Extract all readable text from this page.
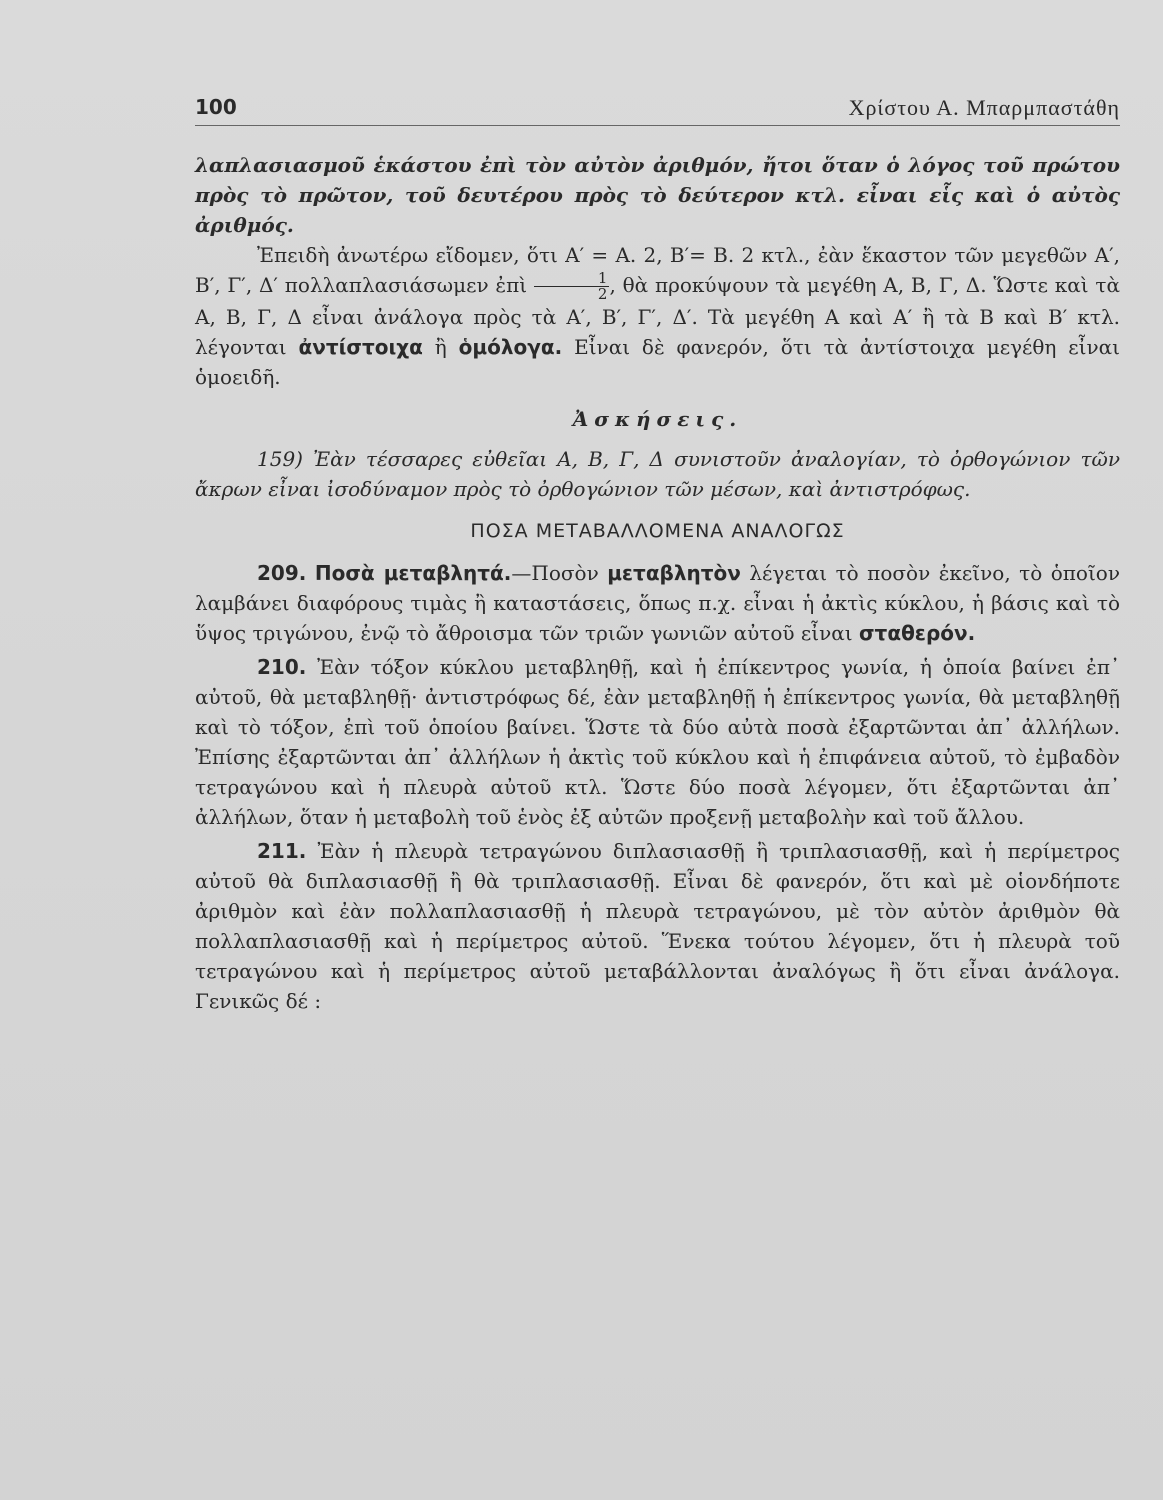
100	Χρίστου Α. Μπαρμπαστάθη

λαπλασιασμοῦ ἑκάστου ἐπὶ τὸν αὐτὸν ἀριθμόν, ἤτοι ὅταν ὁ λόγος τοῦ πρώτου πρὸς τὸ πρῶτον, τοῦ δευτέρου πρὸς τὸ δεύτερον κτλ. εἶναι εἷς καὶ ὁ αὐτὸς ἀριθμός.

Ἐπειδὴ ἀνωτέρω εἴδομεν, ὅτι Α′ = Α. 2, Β′= Β. 2 κτλ., ἐὰν ἕκαστον τῶν μεγεθῶν Α′, Β′, Γ′, Δ′ πολλαπλασιάσωμεν ἐπὶ $\frac{1}{2}$ , θὰ προκύψουν τὰ μεγέθη Α, Β, Γ, Δ. Ὥστε καὶ τὰ Α, Β, Γ, Δ εἶναι ἀνάλογα πρὸς τὰ Α′, Β′, Γ′, Δ′. Τὰ μεγέθη Α καὶ Α′ ἢ τὰ Β καὶ Β′ κτλ. λέγονται ἀντίστοιχα ἢ ὁμόλογα. Εἶναι δὲ φανερόν, ὅτι τὰ ἀντίστοιχα μεγέθη εἶναι ὁμοειδῆ.

Ἀσκήσεις.

159) Ἐὰν τέσσαρες εὐθεῖαι Α, Β, Γ, Δ συνιστοῦν ἀναλογίαν, τὸ ὀρθογώνιον τῶν ἄκρων εἶναι ἰσοδύναμον πρὸς τὸ ὀρθογώνιον τῶν μέσων, καὶ ἀντιστρόφως.

ΠΟΣΑ ΜΕΤΑΒΑΛΛΟΜΕΝΑ ΑΝΑΛΟΓΩΣ

209. Ποσὰ μεταβλητά.—Ποσὸν μεταβλητὸν λέγεται τὸ ποσὸν ἐκεῖνο, τὸ ὁποῖον λαμβάνει διαφόρους τιμὰς ἢ καταστάσεις, ὅπως π.χ. εἶναι ἡ ἀκτὶς κύκλου, ἡ βάσις καὶ τὸ ὕψος τριγώνου, ἐνῷ τὸ ἄθροισμα τῶν τριῶν γωνιῶν αὐτοῦ εἶναι σταθερόν.

210. Ἐὰν τόξον κύκλου μεταβληθῇ, καὶ ἡ ἐπίκεντρος γωνία, ἡ ὁποία βαίνει ἐπ᾽ αὐτοῦ, θὰ μεταβληθῇ· ἀντιστρόφως δέ, ἐὰν μεταβληθῇ ἡ ἐπίκεντρος γωνία, θὰ μεταβληθῇ καὶ τὸ τόξον, ἐπὶ τοῦ ὁποίου βαίνει. Ὥστε τὰ δύο αὐτὰ ποσὰ ἐξαρτῶνται ἀπ᾽ ἀλλήλων. Ἐπίσης ἐξαρτῶνται ἀπ᾽ ἀλλήλων ἡ ἀκτὶς τοῦ κύκλου καὶ ἡ ἐπιφάνεια αὐτοῦ, τὸ ἐμβαδὸν τετραγώνου καὶ ἡ πλευρὰ αὐτοῦ κτλ. Ὥστε δύο ποσὰ λέγομεν, ὅτι ἐξαρτῶνται ἀπ᾽ ἀλλήλων, ὅταν ἡ μεταβολὴ τοῦ ἑνὸς ἐξ αὐτῶν προξενῇ μεταβολὴν καὶ τοῦ ἄλλου.

211. Ἐὰν ἡ πλευρὰ τετραγώνου διπλασιασθῇ ἢ τριπλασιασθῇ, καὶ ἡ περίμετρος αὐτοῦ θὰ διπλασιασθῇ ἢ θὰ τριπλασιασθῇ. Εἶναι δὲ φανερόν, ὅτι καὶ μὲ οἱονδήποτε ἀριθμὸν καὶ ἐὰν πολλαπλασιασθῇ ἡ πλευρὰ τετραγώνου, μὲ τὸν αὐτὸν ἀριθμὸν θὰ πολλαπλασιασθῇ καὶ ἡ περίμετρος αὐτοῦ. Ἕνεκα τούτου λέγομεν, ὅτι ἡ πλευρὰ τοῦ τετραγώνου καὶ ἡ περίμετρος αὐτοῦ μεταβάλλονται ἀναλόγως ἢ ὅτι εἶναι ἀνάλογα. Γενικῶς δέ :
